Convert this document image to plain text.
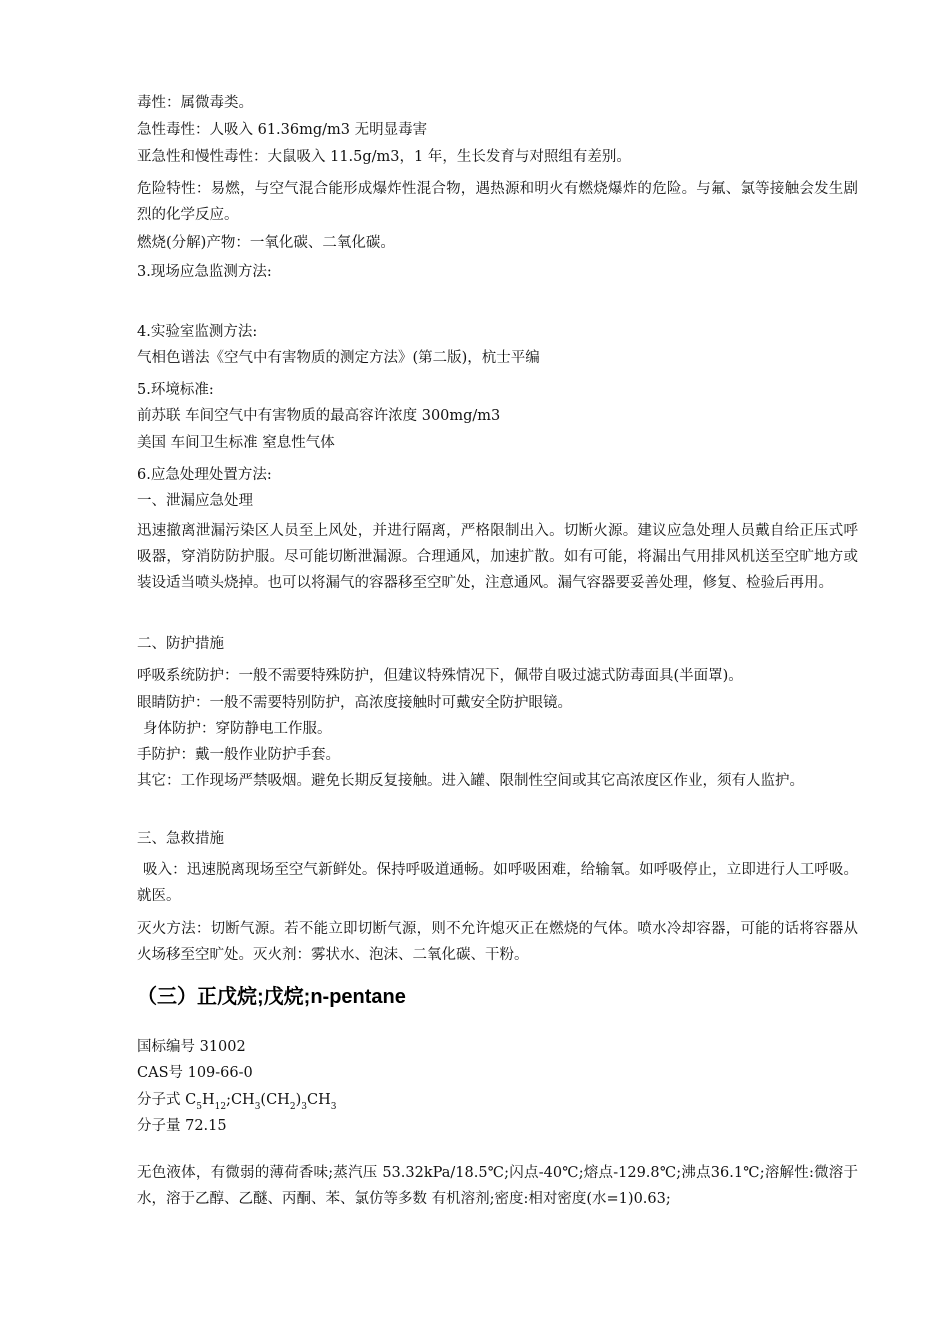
毒性：属微毒类。
急性毒性：人吸入 61.36mg/m3 无明显毒害
亚急性和慢性毒性：大鼠吸入 11.5g/m3，1 年，生长发育与对照组有差别。
危险特性：易燃，与空气混合能形成爆炸性混合物，遇热源和明火有燃烧爆炸的危险。与氟、氯等接触会发生剧烈的化学反应。
燃烧(分解)产物：一氧化碳、二氧化碳。
3.现场应急监测方法:
4.实验室监测方法:
气相色谱法《空气中有害物质的测定方法》(第二版)，杭士平编
5.环境标准:
前苏联 车间空气中有害物质的最高容许浓度 300mg/m3
美国 车间卫生标准 窒息性气体
6.应急处理处置方法:
一、泄漏应急处理
迅速撤离泄漏污染区人员至上风处，并进行隔离，严格限制出入。切断火源。建议应急处理人员戴自给正压式呼吸器，穿消防防护服。尽可能切断泄漏源。合理通风，加速扩散。如有可能，将漏出气用排风机送至空旷地方或装设适当喷头烧掉。也可以将漏气的容器移至空旷处，注意通风。漏气容器要妥善处理，修复、检验后再用。
二、防护措施
呼吸系统防护：一般不需要特殊防护，但建议特殊情况下，佩带自吸过滤式防毒面具(半面罩)。
眼睛防护：一般不需要特别防护，高浓度接触时可戴安全防护眼镜。
身体防护：穿防静电工作服。
手防护：戴一般作业防护手套。
其它：工作现场严禁吸烟。避免长期反复接触。进入罐、限制性空间或其它高浓度区作业，须有人监护。
三、急救措施
吸入：迅速脱离现场至空气新鲜处。保持呼吸道通畅。如呼吸困难，给输氧。如呼吸停止，立即进行人工呼吸。就医。
灭火方法：切断气源。若不能立即切断气源，则不允许熄灭正在燃烧的气体。喷水冷却容器，可能的话将容器从火场移至空旷处。灭火剂：雾状水、泡沫、二氧化碳、干粉。
（三）正戊烷;戊烷;n-pentane
国标编号 31002
CAS号 109-66-0
分子式 $C_5H_{12};CH_3(CH_2)_3CH_3$
分子量 72.15
无色液体，有微弱的薄荷香味;蒸汽压 53.32kPa/18.5℃;闪点-40℃;熔点-129.8℃;沸点36.1℃;溶解性:微溶于水，溶于乙醇、乙醚、丙酮、苯、氯仿等多数 有机溶剂;密度:相对密度(水=1)0.63;
